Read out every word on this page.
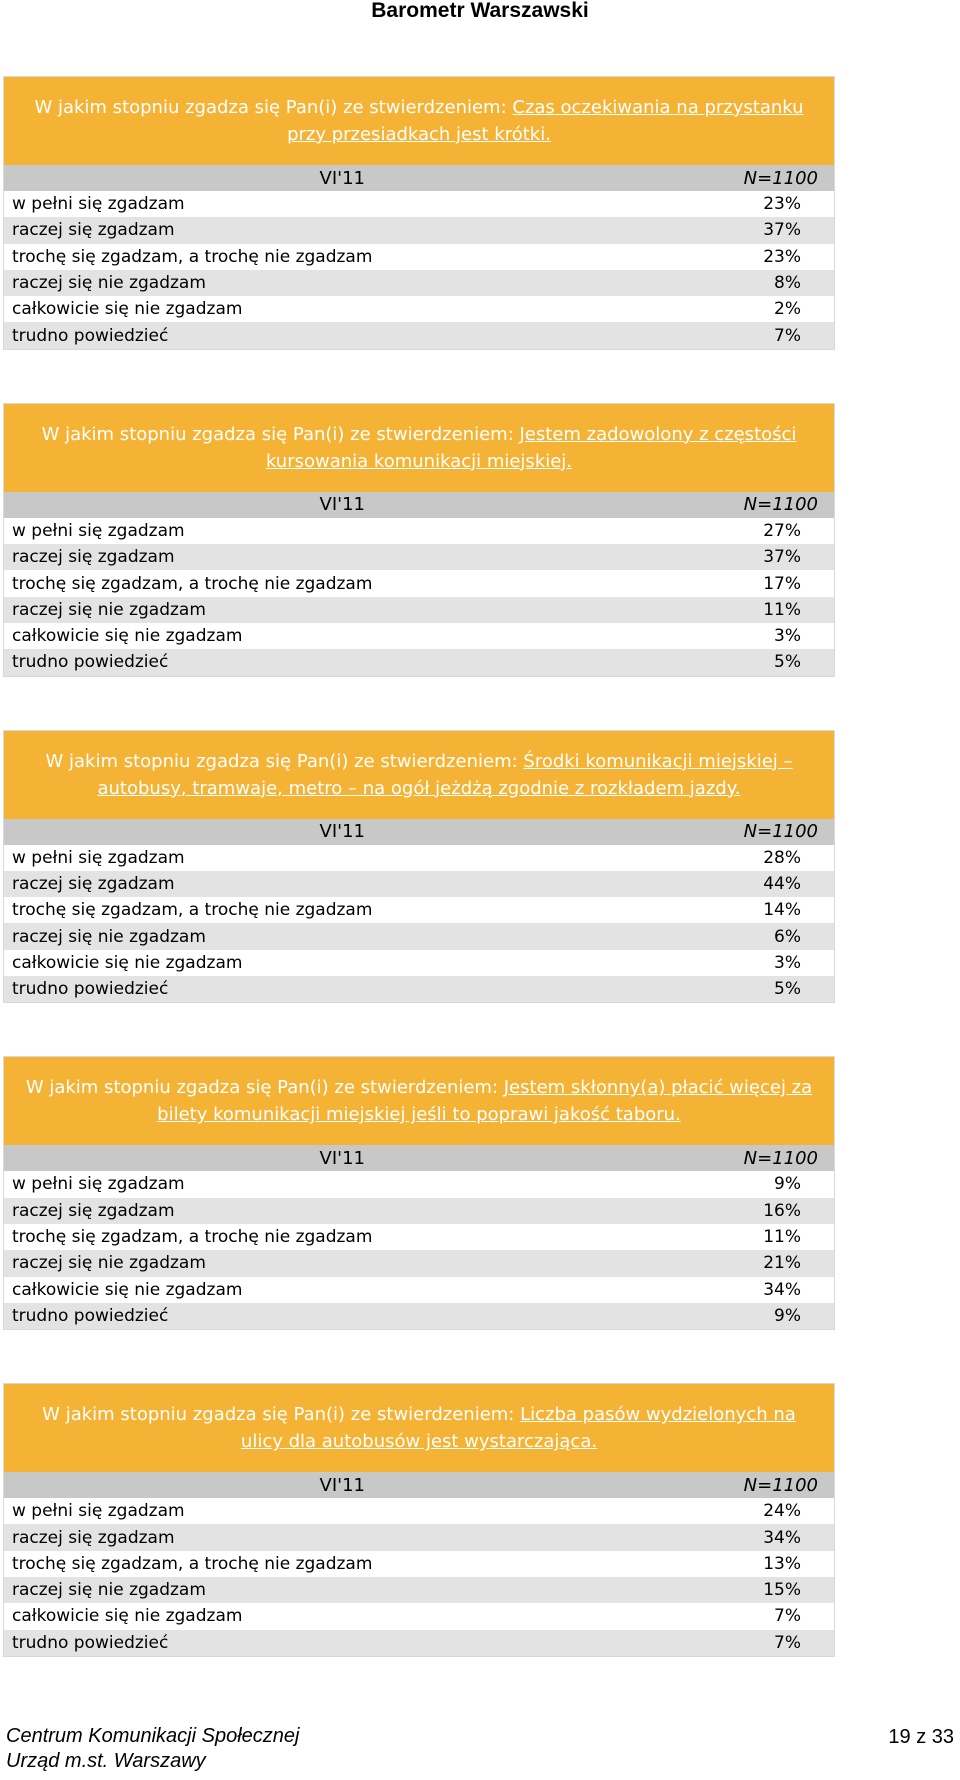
Barometr Warszawski
W jakim stopniu zgadza się Pan(i) ze stwierdzeniem: Czas oczekiwania na przystanku przy przesiadkach jest krótki.
VI'11	N=1100
w pełni się zgadzam	23%
raczej się zgadzam	37%
trochę się zgadzam, a trochę nie zgadzam	23%
raczej się nie zgadzam	8%
całkowicie się nie zgadzam	2%
trudno powiedzieć	7%
W jakim stopniu zgadza się Pan(i) ze stwierdzeniem: Jestem zadowolony z częstości kursowania komunikacji miejskiej.
VI'11	N=1100
w pełni się zgadzam	27%
raczej się zgadzam	37%
trochę się zgadzam, a trochę nie zgadzam	17%
raczej się nie zgadzam	11%
całkowicie się nie zgadzam	3%
trudno powiedzieć	5%
W jakim stopniu zgadza się Pan(i) ze stwierdzeniem: Środki komunikacji miejskiej – autobusy, tramwaje, metro – na ogół jeżdżą zgodnie z rozkładem jazdy.
VI'11	N=1100
w pełni się zgadzam	28%
raczej się zgadzam	44%
trochę się zgadzam, a trochę nie zgadzam	14%
raczej się nie zgadzam	6%
całkowicie się nie zgadzam	3%
trudno powiedzieć	5%
W jakim stopniu zgadza się Pan(i) ze stwierdzeniem: Jestem skłonny(a) płacić więcej za bilety komunikacji miejskiej jeśli to poprawi jakość taboru.
VI'11	N=1100
w pełni się zgadzam	9%
raczej się zgadzam	16%
trochę się zgadzam, a trochę nie zgadzam	11%
raczej się nie zgadzam	21%
całkowicie się nie zgadzam	34%
trudno powiedzieć	9%
W jakim stopniu zgadza się Pan(i) ze stwierdzeniem: Liczba pasów wydzielonych na ulicy dla autobusów jest wystarczająca.
VI'11	N=1100
w pełni się zgadzam	24%
raczej się zgadzam	34%
trochę się zgadzam, a trochę nie zgadzam	13%
raczej się nie zgadzam	15%
całkowicie się nie zgadzam	7%
trudno powiedzieć	7%
Centrum Komunikacji Społecznej
Urząd m.st. Warszawy
19 z 33
